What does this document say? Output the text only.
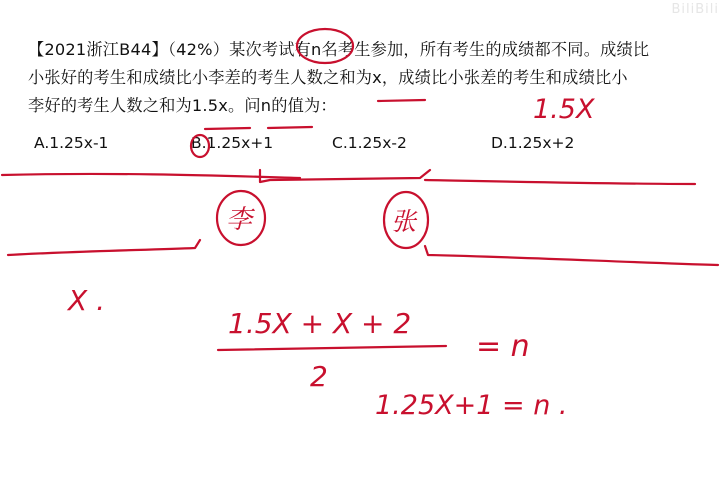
BiliBili
【2021浙江B44】（42%）某次考试有n名考生参加，所有考生的成绩都不同。成绩比
小张好的考生和成绩比小李差的考生人数之和为x，成绩比小张差的考生和成绩比小
李好的考生人数之和为1.5x。问n的值为：
A.1.25x-1	B.1.25x+1	C.1.25x-2	D.1.25x+2
1.5X
李	张
X .
1.5X + X + 2
2
= n
1.25X+1 = n .
